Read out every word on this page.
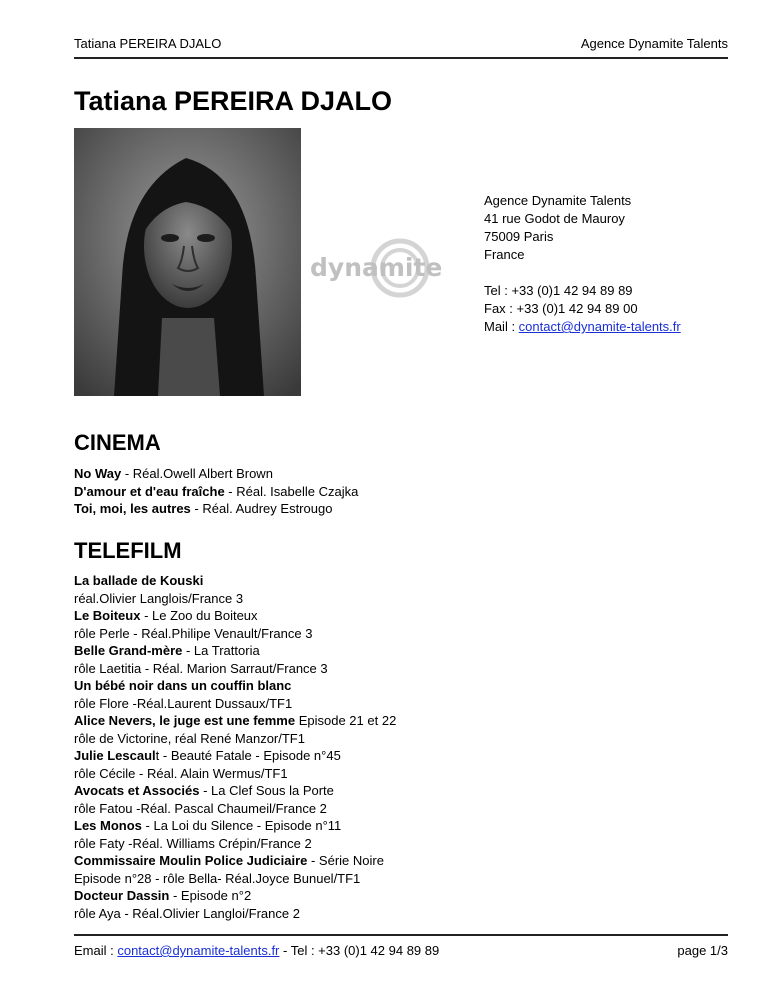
Tatiana PEREIRA DJALO	Agence Dynamite Talents
Tatiana PEREIRA DJALO
dynamite
Agence Dynamite Talents
41 rue Godot de Mauroy
75009 Paris
France
Tel : +33 (0)1 42 94 89 89
Fax : +33 (0)1 42 94 89 00
Mail : contact@dynamite-talents.fr
CINEMA
No Way - Réal.Owell Albert Brown
D'amour et d'eau fraîche - Réal. Isabelle Czajka
Toi, moi, les autres - Réal. Audrey Estrougo
TELEFILM
La ballade de Kouski
réal.Olivier Langlois/France 3
Le Boiteux - Le Zoo du Boiteux
rôle Perle - Réal.Philipe Venault/France 3
Belle Grand-mère - La Trattoria
rôle Laetitia - Réal. Marion Sarraut/France 3
Un bébé noir dans un couffin blanc
rôle Flore -Réal.Laurent Dussaux/TF1
Alice Nevers, le juge est une femme Episode 21 et 22
rôle de Victorine, réal René Manzor/TF1
Julie Lescault - Beauté Fatale - Episode n°45
rôle Cécile - Réal. Alain Wermus/TF1
Avocats et Associés - La Clef Sous la Porte
rôle Fatou -Réal. Pascal Chaumeil/France 2
Les Monos - La Loi du Silence - Episode n°11
rôle Faty -Réal. Williams Crépin/France 2
Commissaire Moulin Police Judiciaire - Série Noire
Episode n°28 - rôle Bella- Réal.Joyce Bunuel/TF1
Docteur Dassin - Episode n°2
rôle Aya - Réal.Olivier Langloi/France 2
Email : contact@dynamite-talents.fr - Tel : +33 (0)1 42 94 89 89	page 1/3
